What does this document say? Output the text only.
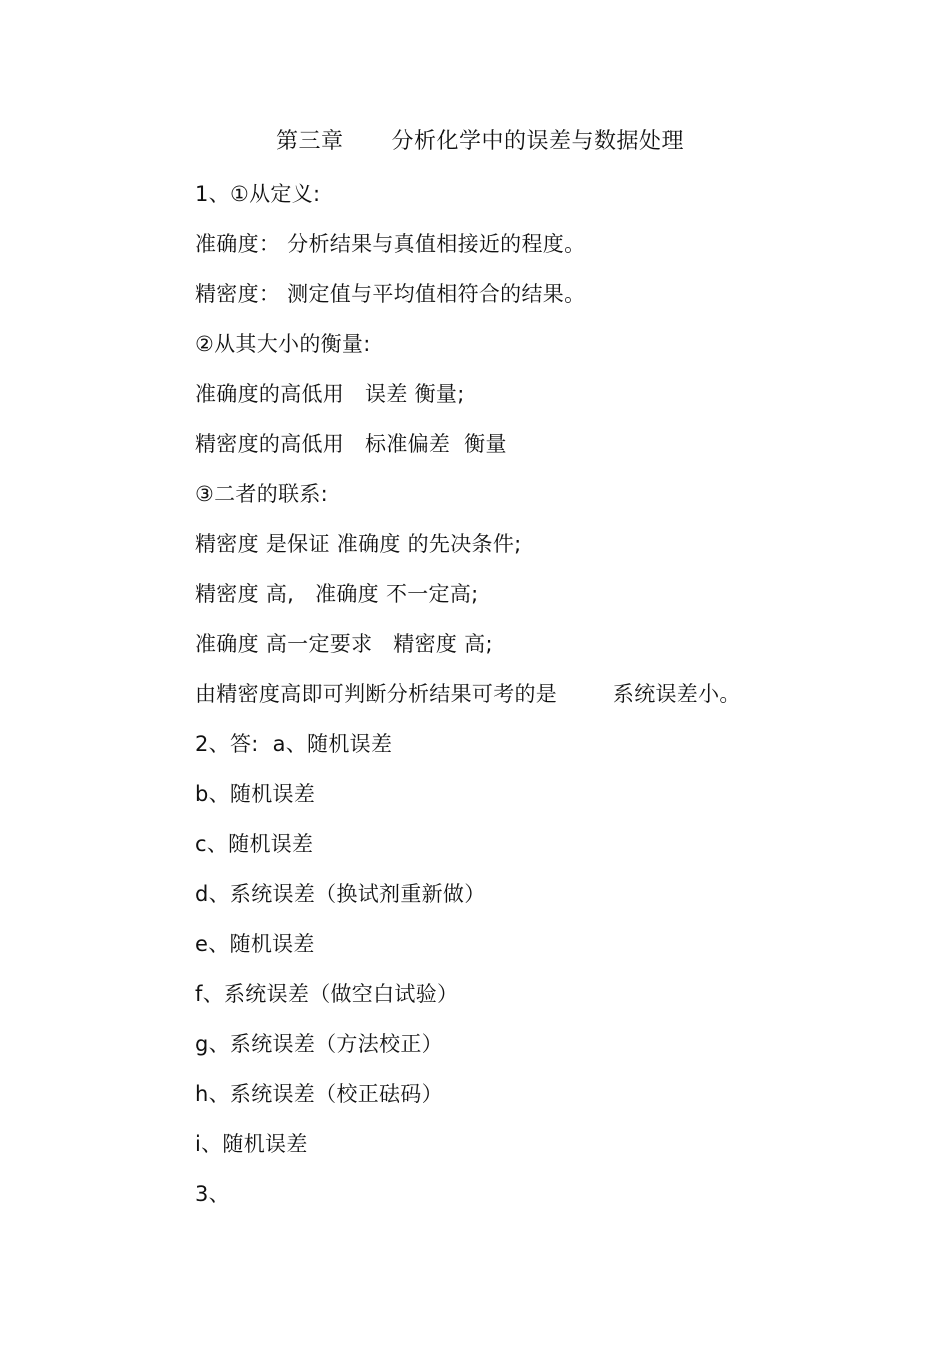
第三章 分析化学中的误差与数据处理
1、①从定义:
准确度： 分析结果与真值相接近的程度。
精密度： 测定值与平均值相符合的结果。
②从其大小的衡量:
准确度的高低用   误差 衡量;
精密度的高低用   标准偏差  衡量
③二者的联系:
精密度 是保证 准确度 的先决条件;
精密度 高,   准确度 不一定高;
准确度 高一定要求   精密度 高;
由精密度高即可判断分析结果可考的是        系统误差小。
2、答:  a、随机误差
b、随机误差
c、随机误差
d、系统误差（换试剂重新做）
e、随机误差
f、系统误差（做空白试验）
g、系统误差（方法校正）
h、系统误差（校正砝码）
i、随机误差
3、
